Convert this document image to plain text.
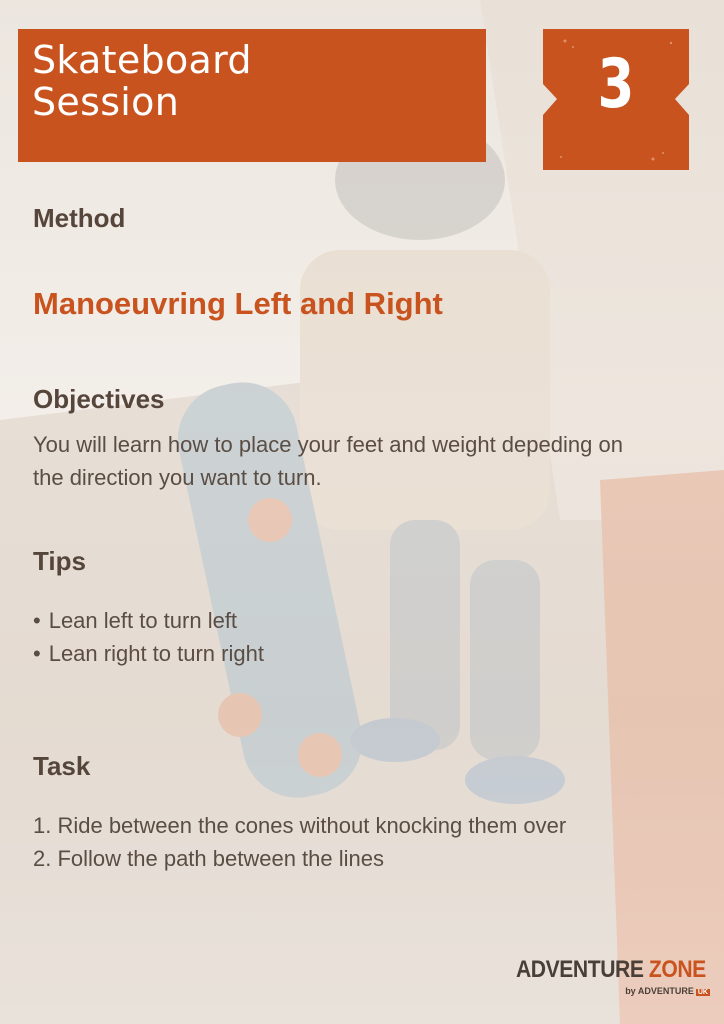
Skateboard
Session	3
Method
Manoeuvring Left and Right
Objectives
You will learn how to place your feet and weight depeding on
the direction you want to turn.
Tips
• Lean left to turn left
• Lean right to turn right
Task
1. Ride between the cones without knocking them over
2. Follow the path between the lines
ADVENTURE ZONE
by ADVENTURE UK
